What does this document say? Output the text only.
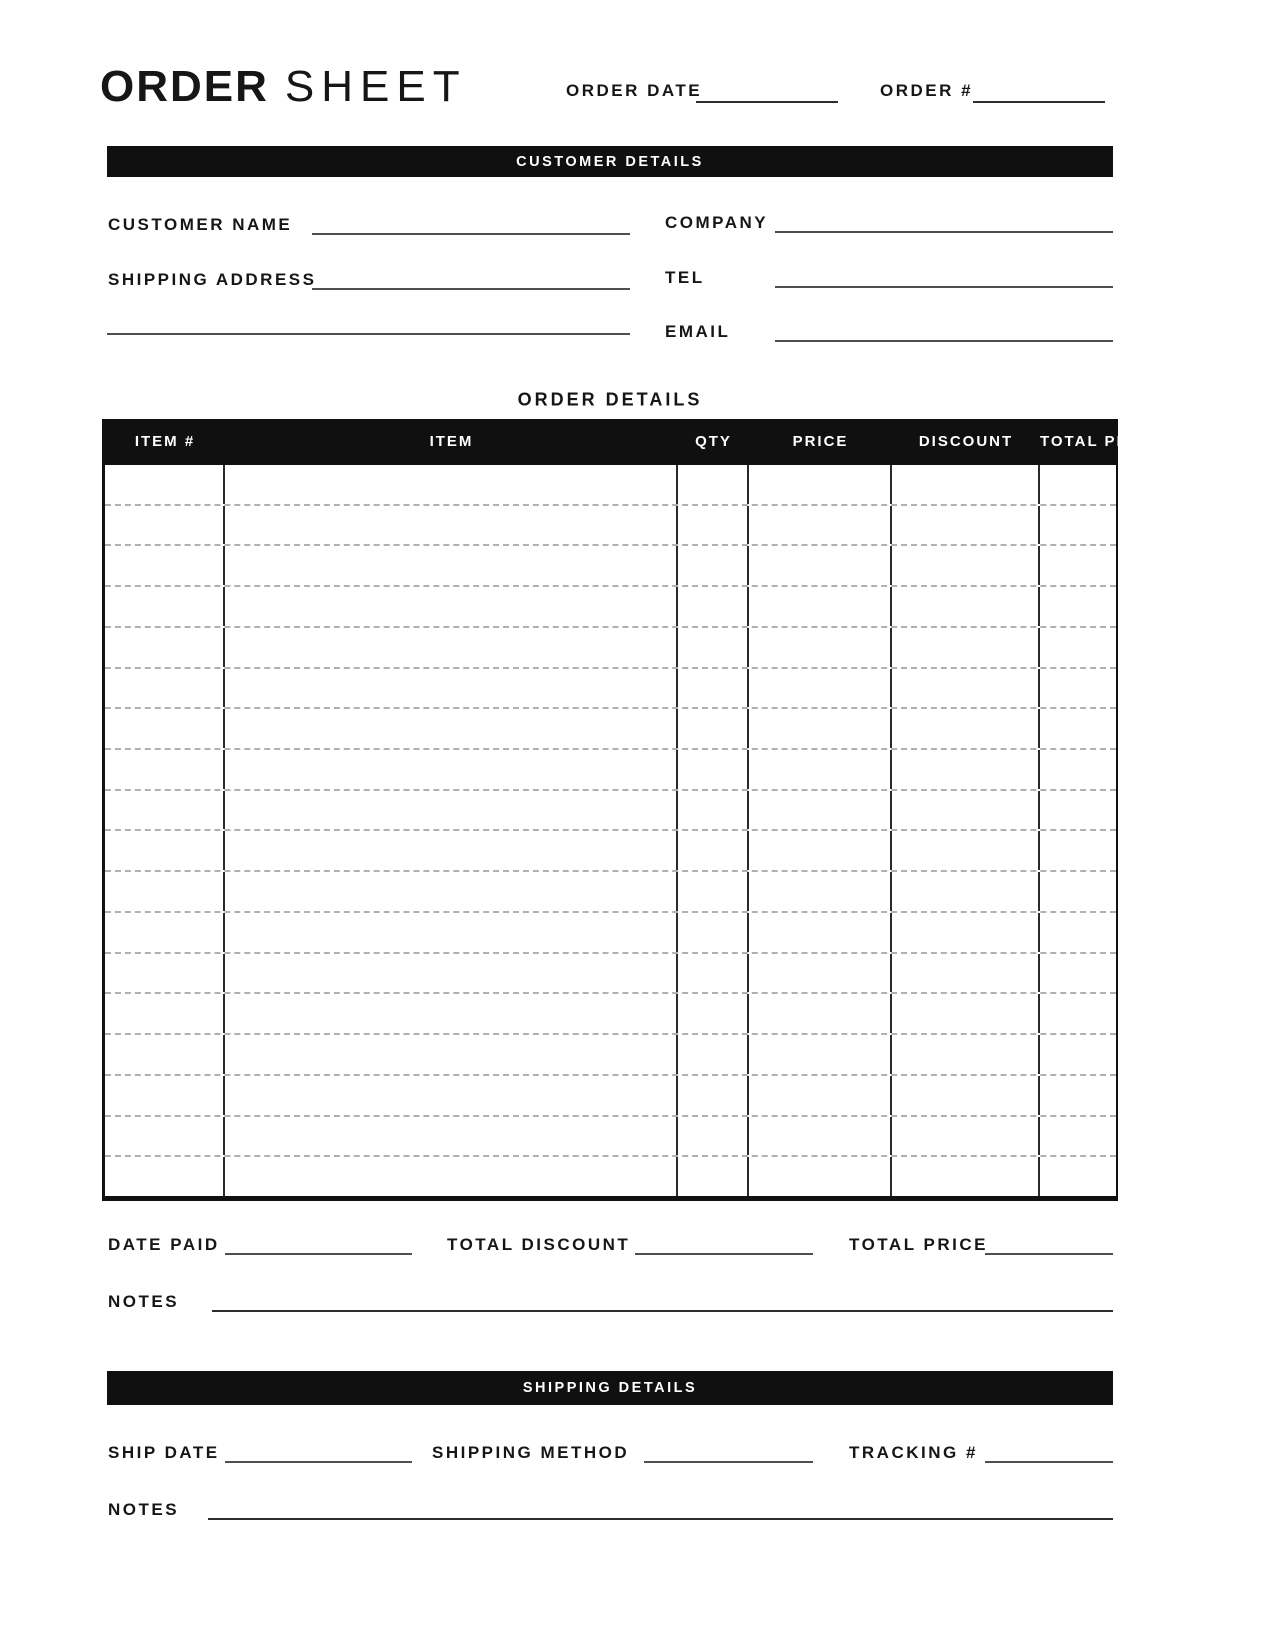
ORDER SHEET	ORDER DATE	ORDER #
CUSTOMER DETAILS
CUSTOMER NAME
SHIPPING ADDRESS
COMPANY
TEL
EMAIL
ORDER DETAILS
ITEM #	ITEM	QTY	PRICE	DISCOUNT	TOTAL PRICE
DATE PAID	TOTAL DISCOUNT	TOTAL PRICE
NOTES
SHIPPING DETAILS
SHIP DATE	SHIPPING METHOD	TRACKING #
NOTES
